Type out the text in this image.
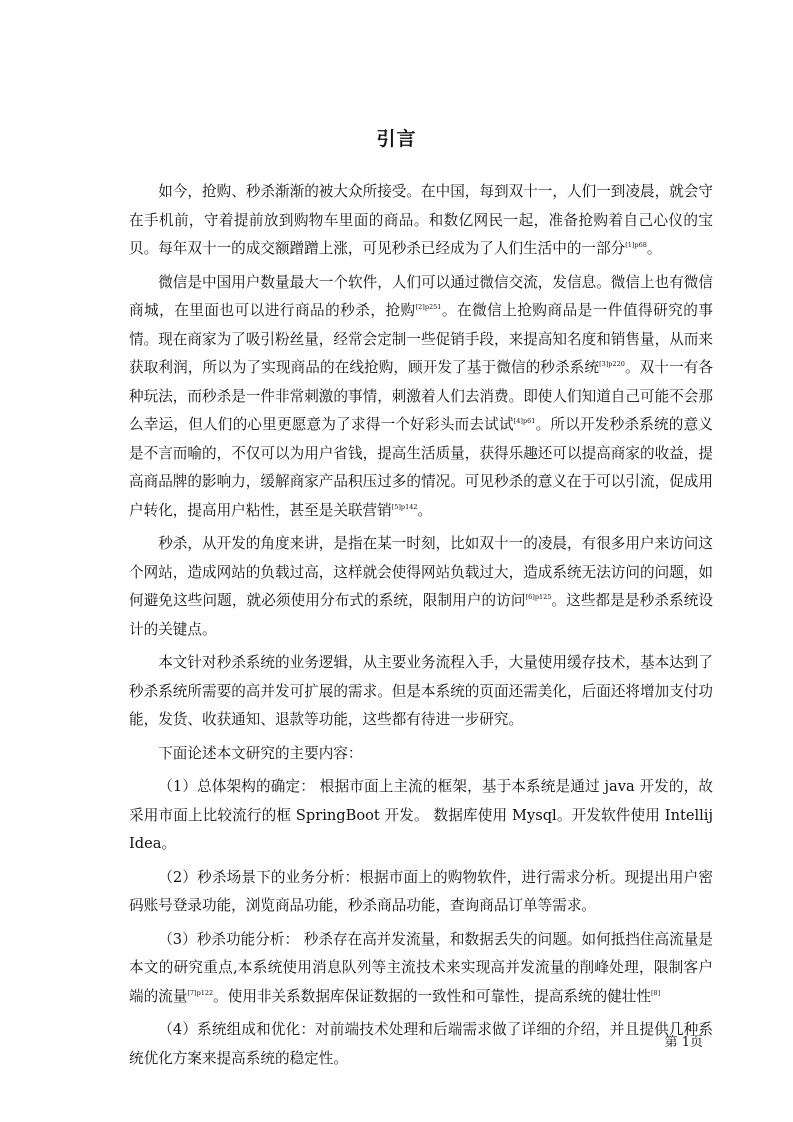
引言

如今，抢购、秒杀渐渐的被大众所接受。在中国，每到双十一，人们一到凌晨，就会守在手机前，守着提前放到购物车里面的商品。和数亿网民一起，准备抢购着自己心仪的宝贝。每年双十一的成交额蹭蹭上涨，可见秒杀已经成为了人们生活中的一部分$^{[1]p68}$。

微信是中国用户数量最大一个软件，人们可以通过微信交流，发信息。微信上也有微信商城，在里面也可以进行商品的秒杀，抢购$^{[2]p251}$。在微信上抢购商品是一件值得研究的事情。现在商家为了吸引粉丝量，经常会定制一些促销手段，来提高知名度和销售量，从而来获取利润，所以为了实现商品的在线抢购，顾开发了基于微信的秒杀系统$^{[3]p220}$。双十一有各种玩法，而秒杀是一件非常刺激的事情，刺激着人们去消费。即使人们知道自己可能不会那么幸运，但人们的心里更愿意为了求得一个好彩头而去试试$^{[4]p61}$。所以开发秒杀系统的意义是不言而喻的，不仅可以为用户省钱，提高生活质量，获得乐趣还可以提高商家的收益，提高商品牌的影响力，缓解商家产品积压过多的情况。可见秒杀的意义在于可以引流，促成用户转化，提高用户粘性，甚至是关联营销$^{[5]p142}$。

秒杀，从开发的角度来讲，是指在某一时刻，比如双十一的凌晨，有很多用户来访问这个网站，造成网站的负载过高，这样就会使得网站负载过大，造成系统无法访问的问题，如何避免这些问题，就必须使用分布式的系统，限制用户的访问$^{[6]p125}$。这些都是是秒杀系统设计的关键点。

本文针对秒杀系统的业务逻辑，从主要业务流程入手，大量使用缓存技术，基本达到了秒杀系统所需要的高并发可扩展的需求。但是本系统的页面还需美化，后面还将增加支付功能，发货、收获通知、退款等功能，这些都有待进一步研究。

下面论述本文研究的主要内容：

（1）总体架构的确定： 根据市面上主流的框架，基于本系统是通过 java 开发的，故采用市面上比较流行的框 SpringBoot 开发。 数据库使用 Mysql。开发软件使用 Intellij Idea。

（2）秒杀场景下的业务分析：根据市面上的购物软件，进行需求分析。现提出用户密码账号登录功能，浏览商品功能，秒杀商品功能，查询商品订单等需求。

（3）秒杀功能分析： 秒杀存在高并发流量，和数据丢失的问题。如何抵挡住高流量是本文的研究重点,本系统使用消息队列等主流技术来实现高并发流量的削峰处理，限制客户端的流量$^{[7]p122}$。使用非关系数据库保证数据的一致性和可靠性，提高系统的健壮性[8]

（4）系统组成和优化：对前端技术处理和后端需求做了详细的介绍，并且提供几种系统优化方案来提高系统的稳定性。

第 1页
